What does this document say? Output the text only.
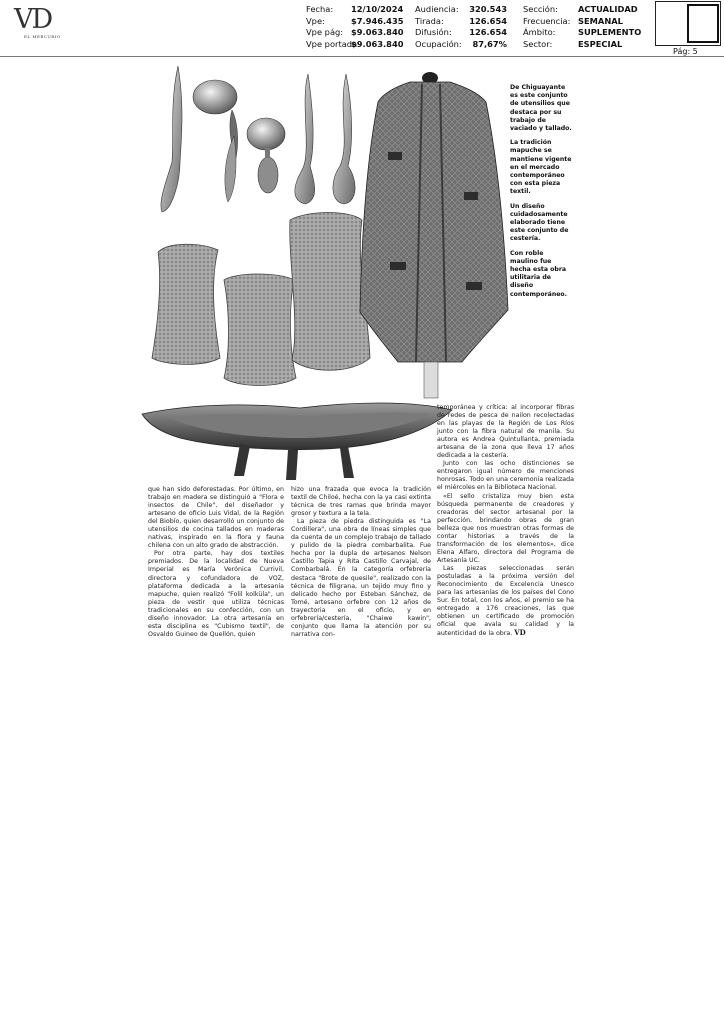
VD
EL MERCURIO
Fecha:	12/10/2024
Vpe:	$7.946.435
Vpe pág: $9.063.840
Vpe portada:
$9.063.840
Audiencia:	320.543
Tirada:	126.654
Difusión:	126.654
Ocupación:	87,67%
Sección:	ACTUALIDAD
Frecuencia: SEMANAL
Ámbito:	SUPLEMENTO
Sector:	ESPECIAL
Pág: 5

De Chiguayante es este conjunto de utensilios que destaca por su trabajo de vaciado y tallado.

La tradición mapuche se mantiene vigente en el mercado contemporáneo con esta pieza textil.

Un diseño cuidadosamente elaborado tiene este conjunto de cestería.

Con roble maulino fue hecha esta obra utilitaria de diseño contemporáneo.

que han sido deforestadas. Por último, en trabajo en madera se distinguió a "Flora e insectos de Chile", del diseñador y artesano de oficio Luis Vidal, de la Región del Biobío, quien desarrolló un conjunto de utensilios de cocina tallados en maderas nativas, inspirado en la flora y fauna chilena con un alto grado de abstracción.

Por otra parte, hay dos textiles premiados. De la localidad de Nueva Imperial es María Verónica Currivil, directora y cofundadora de VOZ, plataforma dedicada a la artesanía mapuche, quien realizó "Folil kolküla", un pieza de vestir que utiliza técnicas tradicionales en su confección, con un diseño innovador. La otra artesanía en esta disciplina es "Cubismo textil", de Osvaldo Guineo de Quellón, quien

hizo una frazada que evoca la tradición textil de Chiloé, hecha con la ya casi extinta técnica de tres ramas que brinda mayor grosor y textura a la tela.

La pieza de piedra distinguida es "La Cordillera", una obra de líneas simples que da cuenta de un complejo trabajo de tallado y pulido de la piedra combarbalita. Fue hecha por la dupla de artesanos Nelson Castillo Tapia y Rita Castillo Carvajal, de Combarbalá. En la categoría orfebrería destaca "Brote de quesile", realizado con la técnica de filigrana, un tejido muy fino y delicado hecho por Esteban Sánchez, de Tomé, artesano orfebre con 12 años de trayectoria en el oficio, y en orfebrería/cestería, "Chaiwe kawin", conjunto que llama la atención por su narrativa con-

temporánea y crítica: al incorporar fibras de redes de pesca de nailon recolectadas en las playas de la Región de Los Ríos junto con la fibra natural de manila. Su autora es Andrea Quintullanta, premiada artesana de la zona que lleva 17 años dedicada a la cestería.

Junto con las ocho distinciones se entregaron igual número de menciones honrosas. Todo en una ceremonia realizada el miércoles en la Biblioteca Nacional.

«El sello cristaliza muy bien esta búsqueda permanente de creadores y creadoras del sector artesanal por la perfección, brindando obras de gran belleza que nos muestran otras formas de contar historias a través de la transformación de los elementos», dice Elena Alfaro, directora del Programa de Artesanía UC.

Las piezas seleccionadas serán postuladas a la próxima versión del Reconocimiento de Excelencia Unesco para las artesanías de los países del Cono Sur. En total, con los años, el premio se ha entregado a 176 creaciones, las que obtienen un certificado de promoción oficial que avala su calidad y la autenticidad de la obra. VD
